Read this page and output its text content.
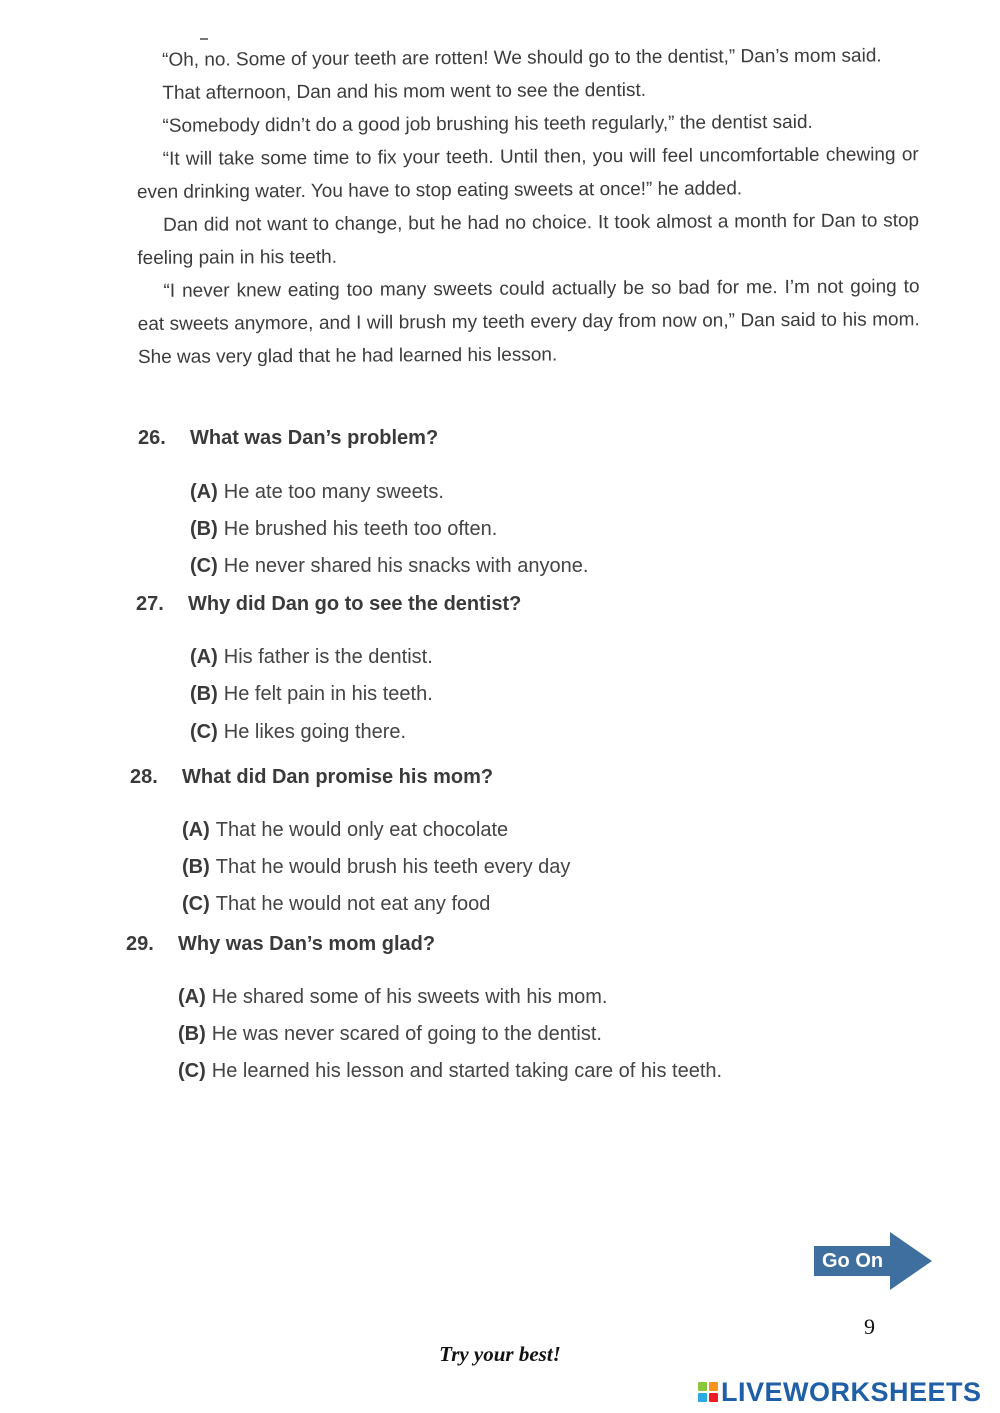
“Oh, no. Some of your teeth are rotten! We should go to the dentist,” Dan’s mom said.

That afternoon, Dan and his mom went to see the dentist.

“Somebody didn’t do a good job brushing his teeth regularly,” the dentist said.

“It will take some time to fix your teeth. Until then, you will feel uncomfortable chewing or even drinking water. You have to stop eating sweets at once!” he added.

Dan did not want to change, but he had no choice. It took almost a month for Dan to stop feeling pain in his teeth.

“I never knew eating too many sweets could actually be so bad for me. I’m not going to eat sweets anymore, and I will brush my teeth every day from now on,” Dan said to his mom. She was very glad that he had learned his lesson.

26. What was Dan’s problem?
(A) He ate too many sweets.
(B) He brushed his teeth too often.
(C) He never shared his snacks with anyone.
27. Why did Dan go to see the dentist?
(A) His father is the dentist.
(B) He felt pain in his teeth.
(C) He likes going there.
28. What did Dan promise his mom?
(A) That he would only eat chocolate
(B) That he would brush his teeth every day
(C) That he would not eat any food
29. Why was Dan’s mom glad?
(A) He shared some of his sweets with his mom.
(B) He was never scared of going to the dentist.
(C) He learned his lesson and started taking care of his teeth.
Go On
9
Try your best!
LIVEWORKSHEETS
